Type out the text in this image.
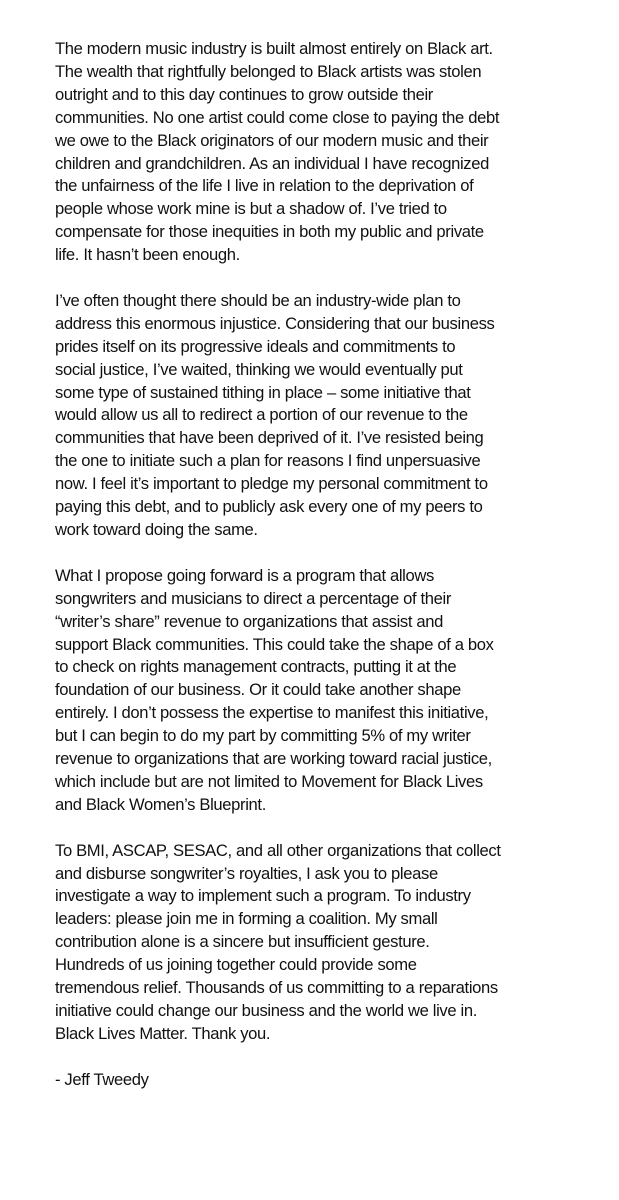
The modern music industry is built almost entirely on Black art.
The wealth that rightfully belonged to Black artists was stolen
outright and to this day continues to grow outside their
communities. No one artist could come close to paying the debt
we owe to the Black originators of our modern music and their
children and grandchildren. As an individual I have recognized
the unfairness of the life I live in relation to the deprivation of
people whose work mine is but a shadow of. I’ve tried to
compensate for those inequities in both my public and private
life. It hasn’t been enough.
I’ve often thought there should be an industry-wide plan to
address this enormous injustice. Considering that our business
prides itself on its progressive ideals and commitments to
social justice, I’ve waited, thinking we would eventually put
some type of sustained tithing in place – some initiative that
would allow us all to redirect a portion of our revenue to the
communities that have been deprived of it. I’ve resisted being
the one to initiate such a plan for reasons I find unpersuasive
now. I feel it’s important to pledge my personal commitment to
paying this debt, and to publicly ask every one of my peers to
work toward doing the same.
What I propose going forward is a program that allows
songwriters and musicians to direct a percentage of their
“writer’s share” revenue to organizations that assist and
support Black communities. This could take the shape of a box
to check on rights management contracts, putting it at the
foundation of our business. Or it could take another shape
entirely. I don’t possess the expertise to manifest this initiative,
but I can begin to do my part by committing 5% of my writer
revenue to organizations that are working toward racial justice,
which include but are not limited to Movement for Black Lives
and Black Women’s Blueprint.
To BMI, ASCAP, SESAC, and all other organizations that collect
and disburse songwriter’s royalties, I ask you to please
investigate a way to implement such a program. To industry
leaders: please join me in forming a coalition. My small
contribution alone is a sincere but insufficient gesture.
Hundreds of us joining together could provide some
tremendous relief. Thousands of us committing to a reparations
initiative could change our business and the world we live in.
Black Lives Matter. Thank you.
- Jeff Tweedy
